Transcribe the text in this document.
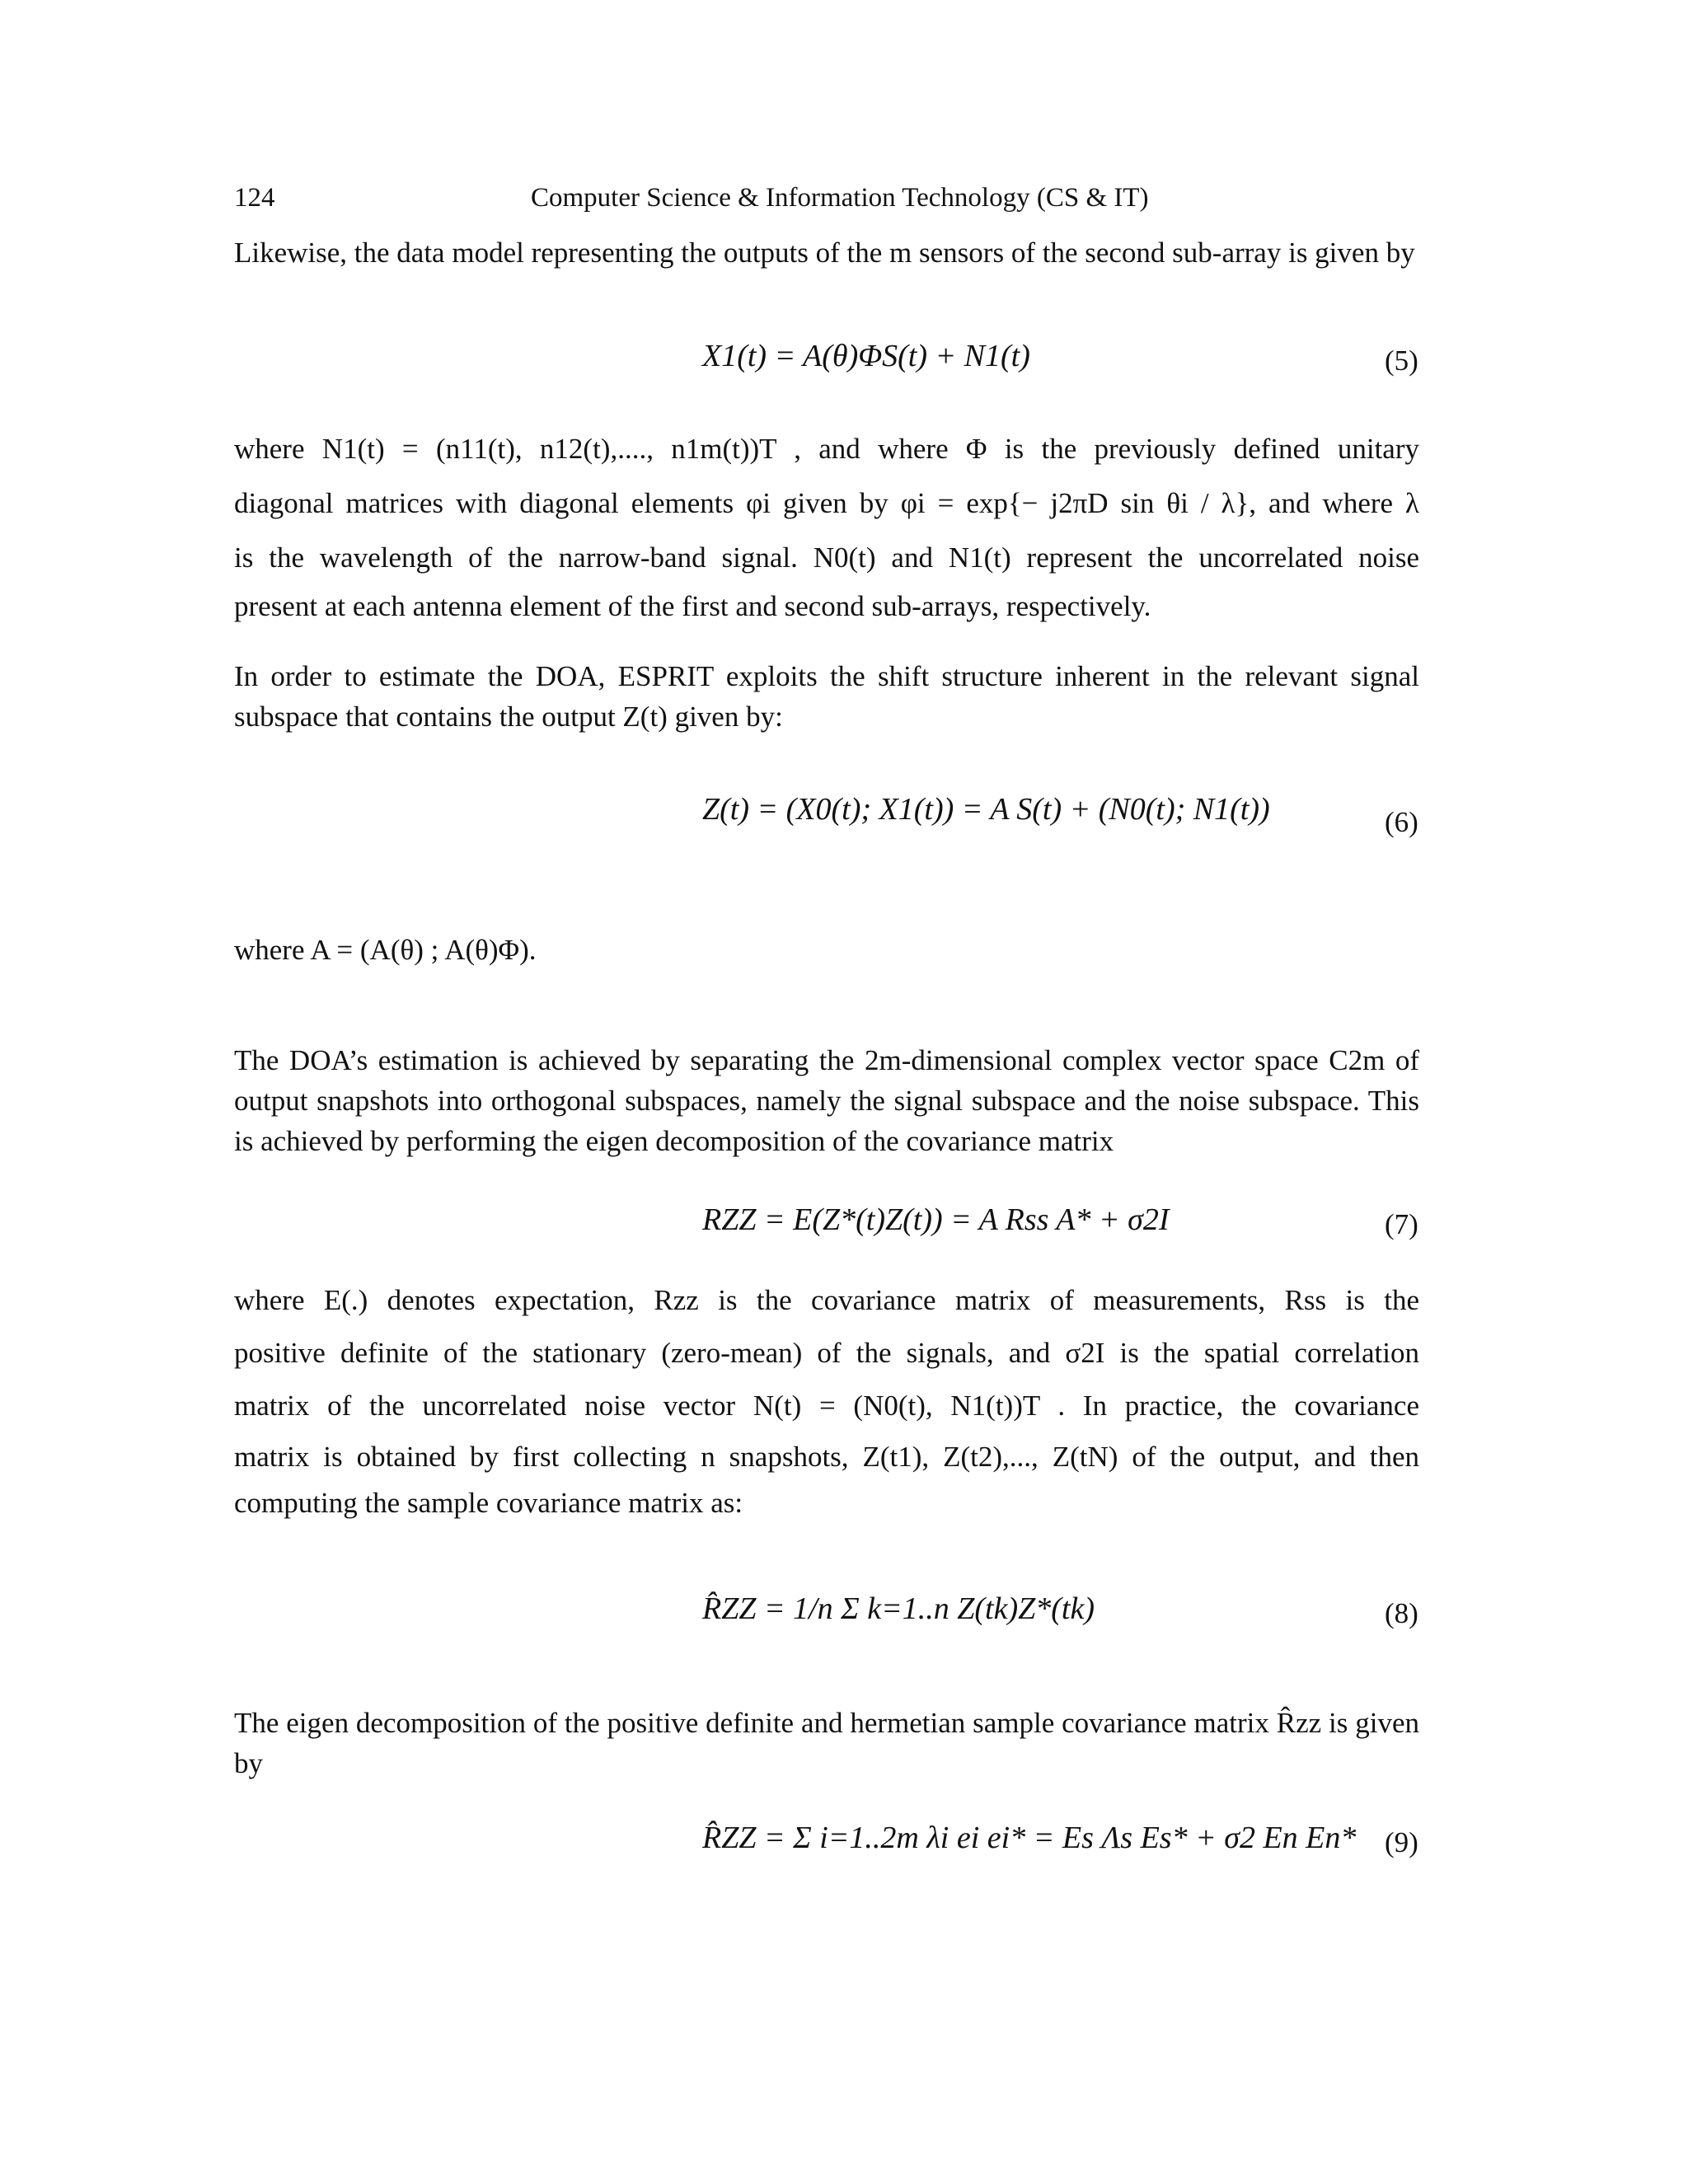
124	Computer Science & Information Technology (CS & IT)
Likewise, the data model representing the outputs of the m sensors of the second sub-array is given by
X1(t) = A(θ)ΦS(t) + N1(t)	(5)
where N1(t) = (n11(t), n12(t),...., n1m(t))T , and where Φ is the previously defined unitary
diagonal matrices with diagonal elements φi given by φi = exp{− j2πD sin θi / λ}, and where λ
is the wavelength of the narrow-band signal. N0(t) and N1(t) represent the uncorrelated noise
present at each antenna element of the first and second sub-arrays, respectively.
In order to estimate the DOA, ESPRIT exploits the shift structure inherent in the relevant signal subspace that contains the output Z(t) given by:
Z(t) = (X0(t); X1(t)) = A S(t) + (N0(t); N1(t))	(6)
where A = (A(θ) ; A(θ)Φ).
The DOA’s estimation is achieved by separating the 2m-dimensional complex vector space C2m of output snapshots into orthogonal subspaces, namely the signal subspace and the noise subspace. This is achieved by performing the eigen decomposition of the covariance matrix
RZZ = E(Z*(t)Z(t)) = A Rss A* + σ2I	(7)
where E(.) denotes expectation, Rzz is the covariance matrix of measurements, Rss is the
positive definite of the stationary (zero-mean) of the signals, and σ2I is the spatial correlation
matrix of the uncorrelated noise vector N(t) = (N0(t), N1(t))T . In practice, the covariance
matrix is obtained by first collecting n snapshots, Z(t1), Z(t2),..., Z(tN) of the output, and then
computing the sample covariance matrix as:
R̂ZZ = 1/n Σ k=1..n Z(tk)Z*(tk)	(8)
The eigen decomposition of the positive definite and hermetian sample covariance matrix R̂zz is given by
R̂ZZ = Σ i=1..2m λi ei ei* = Es Λs Es* + σ2 En En* (9)
